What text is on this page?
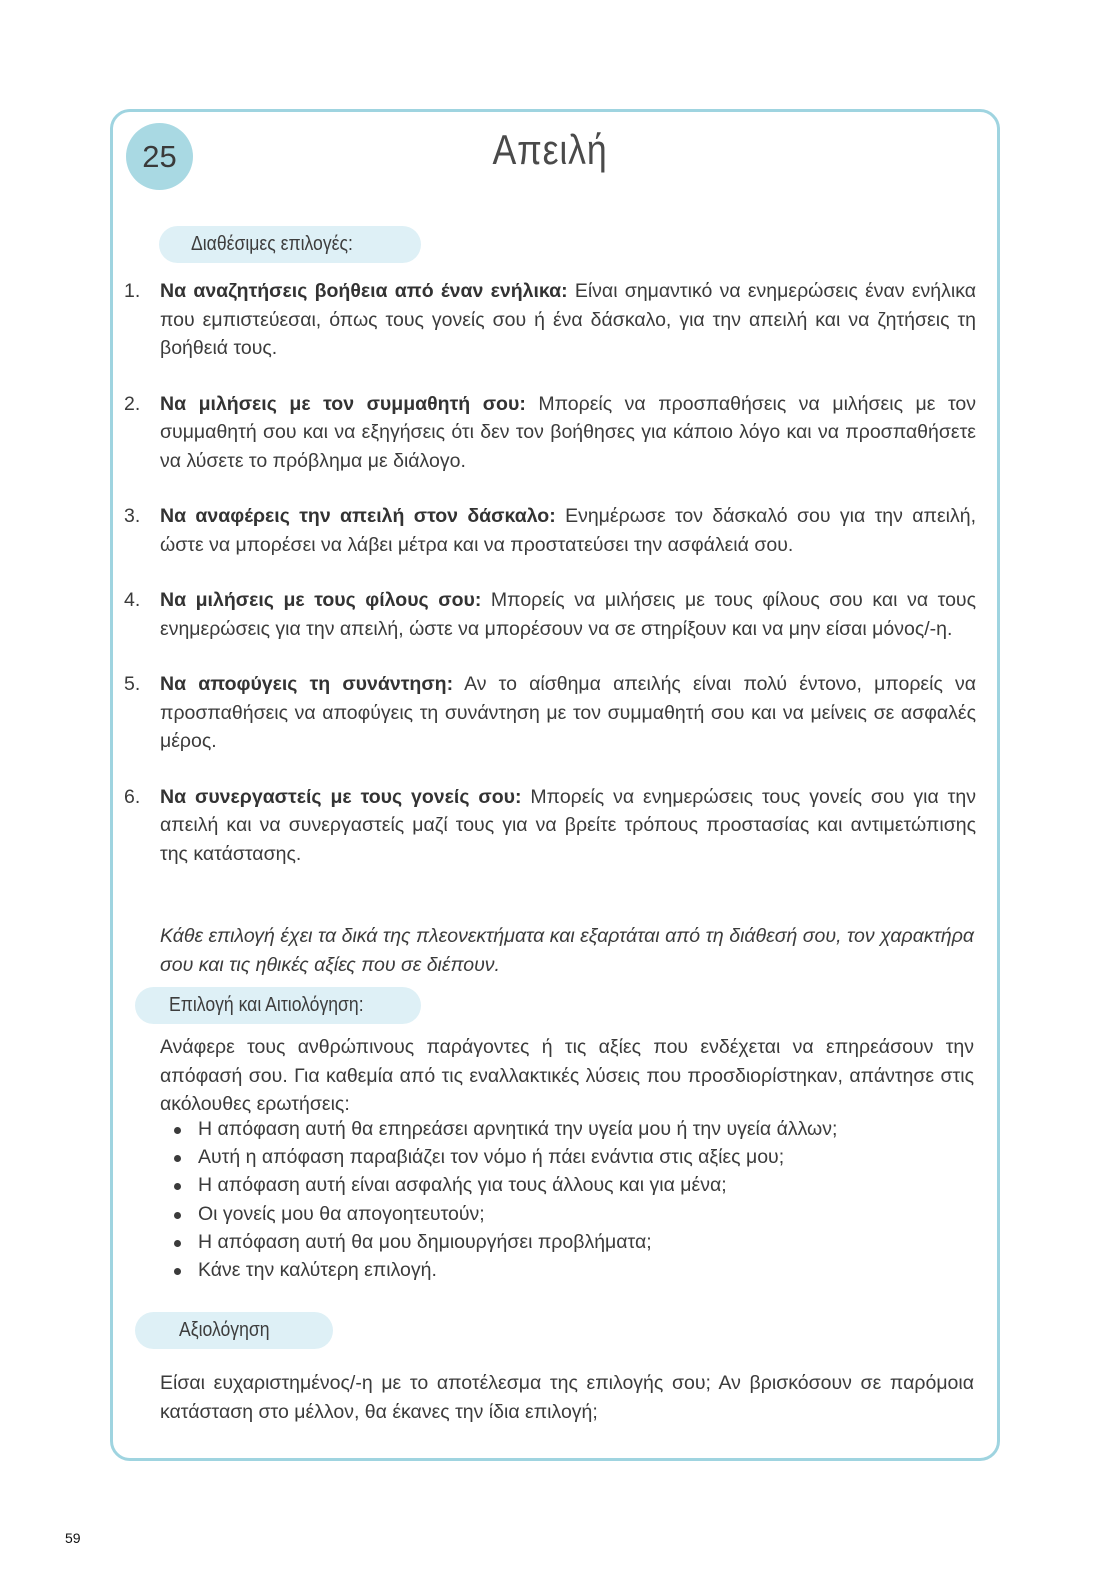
25	Απειλή
Διαθέσιμες επιλογές:
1. Να αναζητήσεις βοήθεια από έναν ενήλικα: Είναι σημαντικό να ενημερώσεις έναν ενήλικα που εμπιστεύεσαι, όπως τους γονείς σου ή ένα δάσκαλο, για την απειλή και να ζητήσεις τη βοήθειά τους.
2. Να μιλήσεις με τον συμμαθητή σου: Μπορείς να προσπαθήσεις να μιλήσεις με τον συμμαθητή σου και να εξηγήσεις ότι δεν τον βοήθησες για κάποιο λόγο και να προσπαθήσετε να λύσετε το πρόβλημα με διάλογο.
3. Να αναφέρεις την απειλή στον δάσκαλο: Ενημέρωσε τον δάσκαλό σου για την απειλή, ώστε να μπορέσει να λάβει μέτρα και να προστατεύσει την ασφάλειά σου.
4. Να μιλήσεις με τους φίλους σου: Μπορείς να μιλήσεις με τους φίλους σου και να τους ενημερώσεις για την απειλή, ώστε να μπορέσουν να σε στηρίξουν και να μην είσαι μόνος/-η.
5. Να αποφύγεις τη συνάντηση: Αν το αίσθημα απειλής είναι πολύ έντονο, μπορείς να προσπαθήσεις να αποφύγεις τη συνάντηση με τον συμμαθητή σου και να μείνεις σε ασφαλές μέρος.
6. Να συνεργαστείς με τους γονείς σου: Μπορείς να ενημερώσεις τους γονείς σου για την απειλή και να συνεργαστείς μαζί τους για να βρείτε τρόπους προστασίας και αντιμετώπισης της κατάστασης.
Κάθε επιλογή έχει τα δικά της πλεονεκτήματα και εξαρτάται από τη διάθεσή σου, τον χαρακτήρα σου και τις ηθικές αξίες που σε διέπουν.
Επιλογή και Αιτιολόγηση:
Ανάφερε τους ανθρώπινους παράγοντες ή τις αξίες που ενδέχεται να επηρεάσουν την απόφασή σου. Για καθεμία από τις εναλλακτικές λύσεις που προσδιορίστηκαν, απάντησε στις ακόλουθες ερωτήσεις:
Η απόφαση αυτή θα επηρεάσει αρνητικά την υγεία μου ή την υγεία άλλων;
Αυτή η απόφαση παραβιάζει τον νόμο ή πάει ενάντια στις αξίες μου;
Η απόφαση αυτή είναι ασφαλής για τους άλλους και για μένα;
Οι γονείς μου θα απογοητευτούν;
Η απόφαση αυτή θα μου δημιουργήσει προβλήματα;
Κάνε την καλύτερη επιλογή.
Αξιολόγηση
Είσαι ευχαριστημένος/-η με το αποτέλεσμα της επιλογής σου; Αν βρισκόσουν σε παρόμοια κατάσταση στο μέλλον, θα έκανες την ίδια επιλογή;
59
